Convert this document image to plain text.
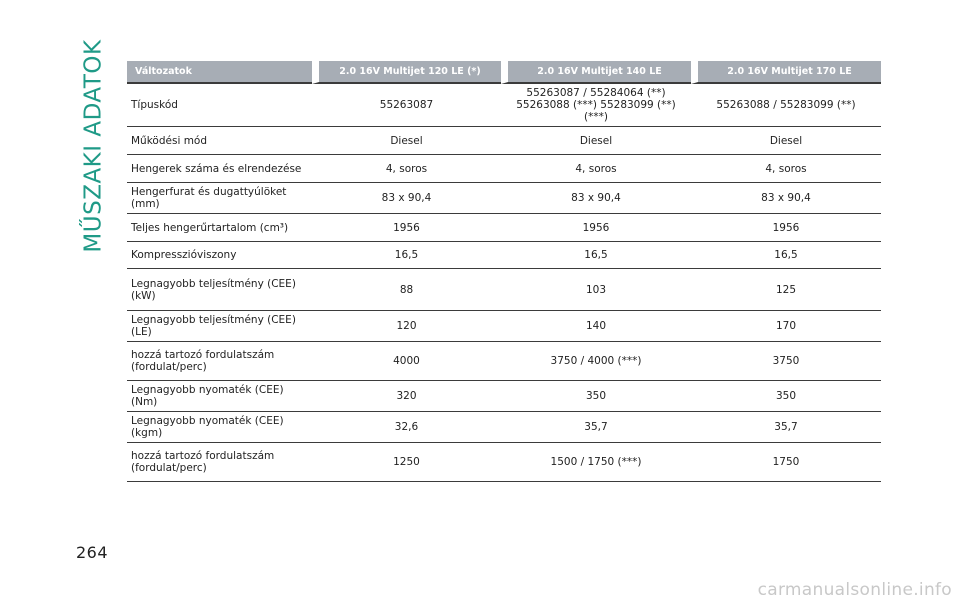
MŰSZAKI ADATOK	Változatok	2.0 16V Multijet 120 LE (*)	2.0 16V Multijet 140 LE	2.0 16V Multijet 170 LE
Típuskód	55263087	55263087 / 55284064 (**) 55263088 (***) 55283099 (**) (***)	55263088 / 55283099 (**)
Működési mód	Diesel	Diesel	Diesel
Hengerek száma és elrendezése	4, soros	4, soros	4, soros
Hengerfurat és dugattyúlöket (mm)	83 x 90,4	83 x 90,4	83 x 90,4
Teljes hengerűrtartalom (cm³)	1956	1956	1956
Kompresszióviszony	16,5	16,5	16,5
Legnagyobb teljesítmény (CEE) (kW)	88	103	125
Legnagyobb teljesítmény (CEE) (LE)	120	140	170
hozzá tartozó fordulatszám (fordulat/perc)	4000	3750 / 4000 (***)	3750
Legnagyobb nyomaték (CEE) (Nm)	320	350	350
Legnagyobb nyomaték (CEE) (kgm)	32,6	35,7	35,7
hozzá tartozó fordulatszám (fordulat/perc)	1250	1500 / 1750 (***)	1750
264
carmanualsonline.info
